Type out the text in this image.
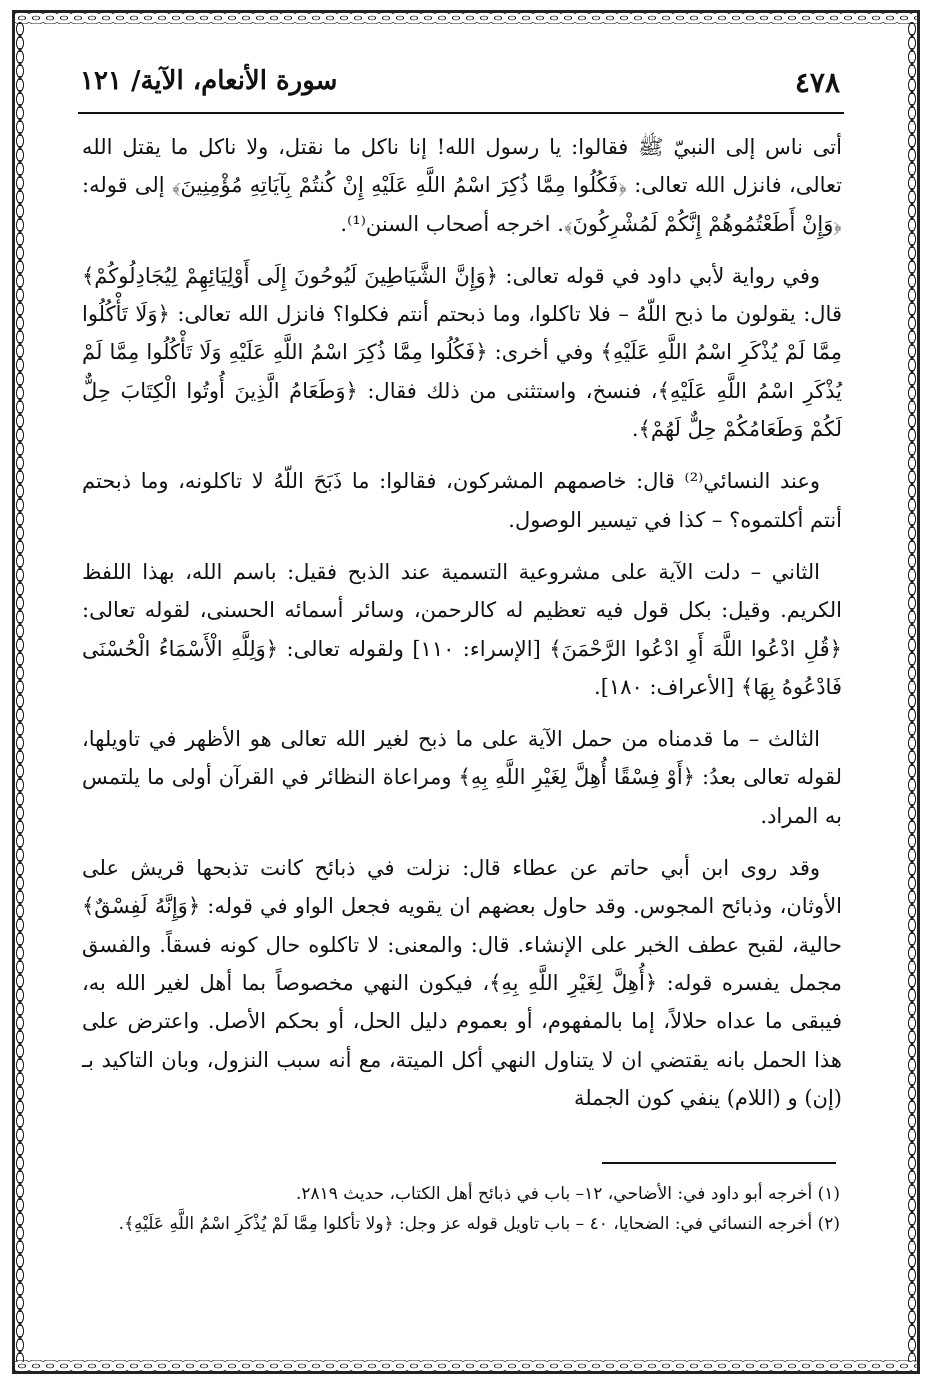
٤٧٨
سورة الأنعام، الآية/ ١٢١

أتى ناس إلى النبيّ ﷺ فقالوا: يا رسول الله! إنا ناكل ما نقتل، ولا ناكل ما يقتل الله تعالى، فانزل الله تعالى: ﴿فَكُلُوا مِمَّا ذُكِرَ اسْمُ اللَّهِ عَلَيْهِ إِنْ كُنتُمْ بِآيَاتِهِ مُؤْمِنِينَ﴾ إلى قوله: ﴿وَإِنْ أَطَعْتُمُوهُمْ إِنَّكُمْ لَمُشْرِكُونَ﴾. اخرجه أصحاب السنن⁽¹⁾.

وفي رواية لأبي داود في قوله تعالى: ﴿وَإِنَّ الشَّيَاطِينَ لَيُوحُونَ إِلَى أَوْلِيَائِهِمْ لِيُجَادِلُوكُمْ﴾ قال: يقولون ما ذبح اللّهُ – فلا تاكلوا، وما ذبحتم أنتم فكلوا؟ فانزل الله تعالى: ﴿وَلَا تَأْكُلُوا مِمَّا لَمْ يُذْكَرِ اسْمُ اللَّهِ عَلَيْهِ﴾ وفي أخرى: ﴿فَكُلُوا مِمَّا ذُكِرَ اسْمُ اللَّهِ عَلَيْهِ وَلَا تَأْكُلُوا مِمَّا لَمْ يُذْكَرِ اسْمُ اللَّهِ عَلَيْهِ﴾، فنسخ، واستثنى من ذلك فقال: ﴿وَطَعَامُ الَّذِينَ أُوتُوا الْكِتَابَ حِلٌّ لَكُمْ وَطَعَامُكُمْ حِلٌّ لَهُمْ﴾.

وعند النسائي⁽²⁾ قال: خاصمهم المشركون، فقالوا: ما ذَبَحَ اللّهُ لا تاكلونه، وما ذبحتم أنتم أكلتموه؟ – كذا في تيسير الوصول.

الثاني – دلت الآية على مشروعية التسمية عند الذبح فقيل: باسم الله، بهذا اللفظ الكريم. وقيل: بكل قول فيه تعظيم له كالرحمن، وسائر أسمائه الحسنى، لقوله تعالى: ﴿قُلِ ادْعُوا اللَّهَ أَوِ ادْعُوا الرَّحْمَنَ﴾ [الإسراء: ١١٠] ولقوله تعالى: ﴿وَلِلَّهِ الْأَسْمَاءُ الْحُسْنَى فَادْعُوهُ بِهَا﴾ [الأعراف: ١٨٠].

الثالث – ما قدمناه من حمل الآية على ما ذبح لغير الله تعالى هو الأظهر في تاويلها، لقوله تعالى بعدُ: ﴿أَوْ فِسْقًا أُهِلَّ لِغَيْرِ اللَّهِ بِهِ﴾ ومراعاة النظائر في القرآن أولى ما يلتمس به المراد.

وقد روى ابن أبي حاتم عن عطاء قال: نزلت في ذبائح كانت تذبحها قريش على الأوثان، وذبائح المجوس. وقد حاول بعضهم ان يقويه فجعل الواو في قوله: ﴿وَإِنَّهُ لَفِسْقٌ﴾ حالية، لقبح عطف الخبر على الإنشاء. قال: والمعنى: لا تاكلوه حال كونه فسقاً. والفسق مجمل يفسره قوله: ﴿أُهِلَّ لِغَيْرِ اللَّهِ بِهِ﴾، فيكون النهي مخصوصاً بما أهل لغير الله به، فيبقى ما عداه حلالاً، إما بالمفهوم، أو بعموم دليل الحل، أو بحكم الأصل. واعترض على هذا الحمل بانه يقتضي ان لا يتناول النهي أكل الميتة، مع أنه سبب النزول، وبان التاكيد بـ (إن) و (اللام) ينفي كون الجملة

(١) أخرجه أبو داود في: الأضاحي، ١٢– باب في ذبائح أهل الكتاب، حديث ٢٨١٩.
(٢) أخرجه النسائي في: الضحايا، ٤٠ – باب تاويل قوله عز وجل: ﴿ولا تأكلوا مِمَّا لَمْ يُذْكَرِ اسْمُ اللَّهِ عَلَيْهِ﴾.
